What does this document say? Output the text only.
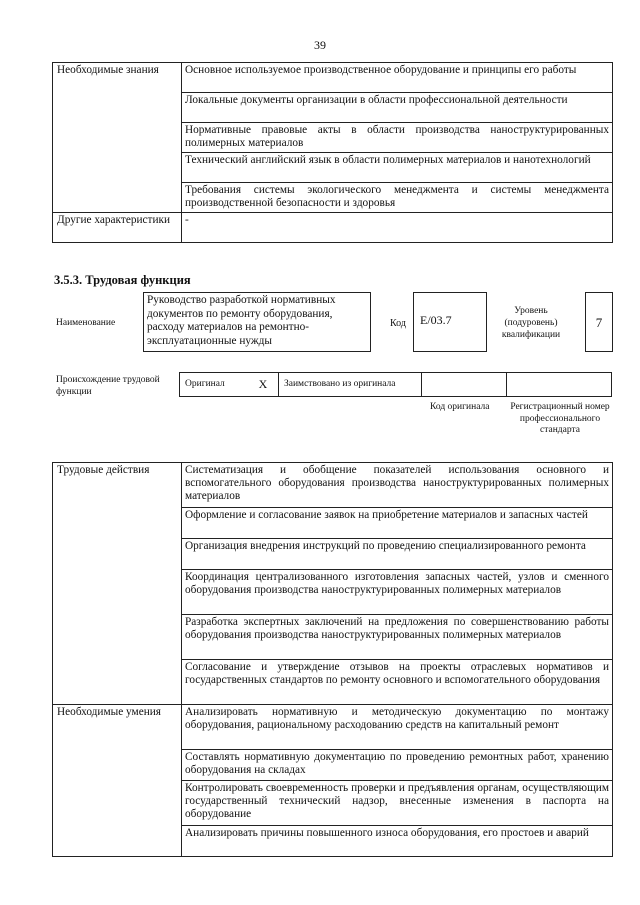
39
Необходимые знания	Основное используемое производственное оборудование и принципы его работы
	Локальные документы организации в области профессиональной деятельности
	Нормативные правовые акты в области производства наноструктурированных полимерных материалов
	Технический английский язык в области полимерных материалов и нанотехнологий
	Требования системы экологического менеджмента и системы менеджмента производственной безопасности и здоровья
Другие характеристики	-
3.5.3. Трудовая функция
Наименование
Руководство разработкой нормативных документов по ремонту оборудования, расходу материалов на ремонтно-эксплуатационные нужды
Код	E/03.7
Уровень (подуровень) квалификации
7
Происхождение трудовой функции
Оригинал	X Заимствовано из оригинала
Код оригинала Регистрационный номер профессионального стандарта
Трудовые действия	Систематизация и обобщение показателей использования основного и вспомогательного оборудования производства наноструктурированных полимерных материалов
	Оформление и согласование заявок на приобретение материалов и запасных частей
	Организация внедрения инструкций по проведению специализированного ремонта
	Координация централизованного изготовления запасных частей, узлов и сменного оборудования производства наноструктурированных полимерных материалов
	Разработка экспертных заключений на предложения по совершенствованию работы оборудования производства наноструктурированных полимерных материалов
	Согласование и утверждение отзывов на проекты отраслевых нормативов и государственных стандартов по ремонту основного и вспомогательного оборудования
Необходимые умения	Анализировать нормативную и методическую документацию по монтажу оборудования, рациональному расходованию средств на капитальный ремонт
	Составлять нормативную документацию по проведению ремонтных работ, хранению оборудования на складах
	Контролировать своевременность проверки и предъявления органам, осуществляющим государственный технический надзор, внесенные изменения в паспорта на оборудование
	Анализировать причины повышенного износа оборудования, его простоев и аварий
